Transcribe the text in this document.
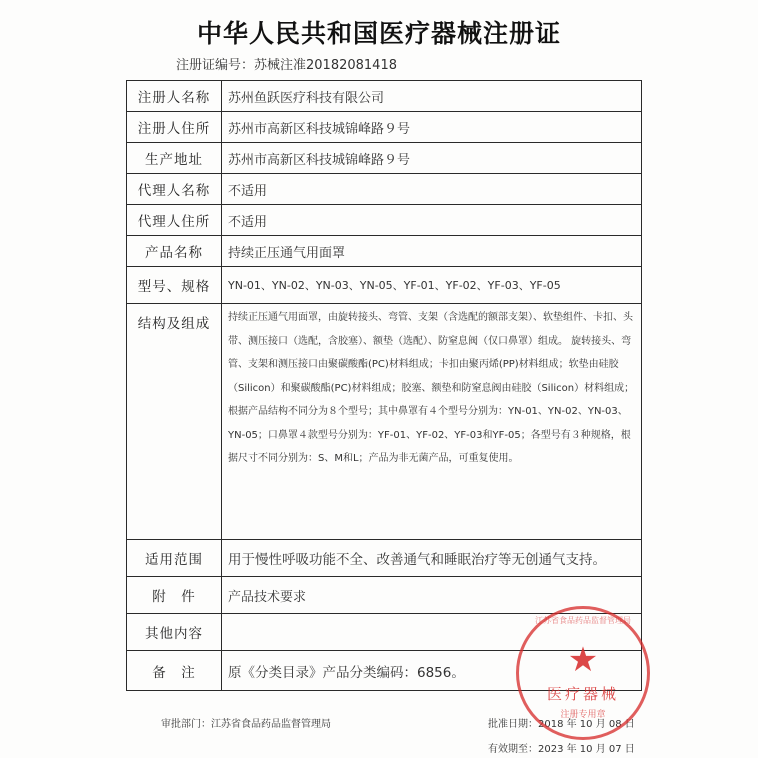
中华人民共和国医疗器械注册证
注册证编号：苏械注准20182081418
注册人名称	苏州鱼跃医疗科技有限公司
注册人住所	苏州市高新区科技城锦峰路９号
生产地址	苏州市高新区科技城锦峰路９号
代理人名称	不适用
代理人住所	不适用
产品名称	持续正压通气用面罩
型号、规格	YN-01、YN-02、YN-03、YN-05、YF-01、YF-02、YF-03、YF-05
结构及组成	持续正压通气用面罩，由旋转接头、弯管、支架（含选配的额部支架）、软垫组件、卡扣、头带、测压接口（选配，含胶塞）、额垫（选配）、防窒息阀（仅口鼻罩）组成。 旋转接头、弯管、支架和测压接口由聚碳酸酯(PC)材料组成；卡扣由聚丙烯(PP)材料组成；软垫由硅胶（Silicon）和聚碳酸酯(PC)材料组成；胶塞、额垫和防窒息阀由硅胶（Silicon）材料组成；根据产品结构不同分为８个型号；其中鼻罩有４个型号分别为：YN-01、YN-02、YN-03、YN-05；口鼻罩４款型号分别为：YF-01、YF-02、YF-03和YF-05；各型号有３种规格，根据尺寸不同分别为：S、M和L；产品为非无菌产品，可重复使用。
适用范围	用于慢性呼吸功能不全、改善通气和睡眠治疗等无创通气支持。
附　件	产品技术要求
其他内容	
备　注	原《分类目录》产品分类编码：6856。
审批部门：江苏省食品药品监督管理局	批准日期：2018 年 10 月 08 日
有效期至：2023 年 10 月 07 日
江苏省食品药品监督管理局
★
医疗器械
注册专用章
